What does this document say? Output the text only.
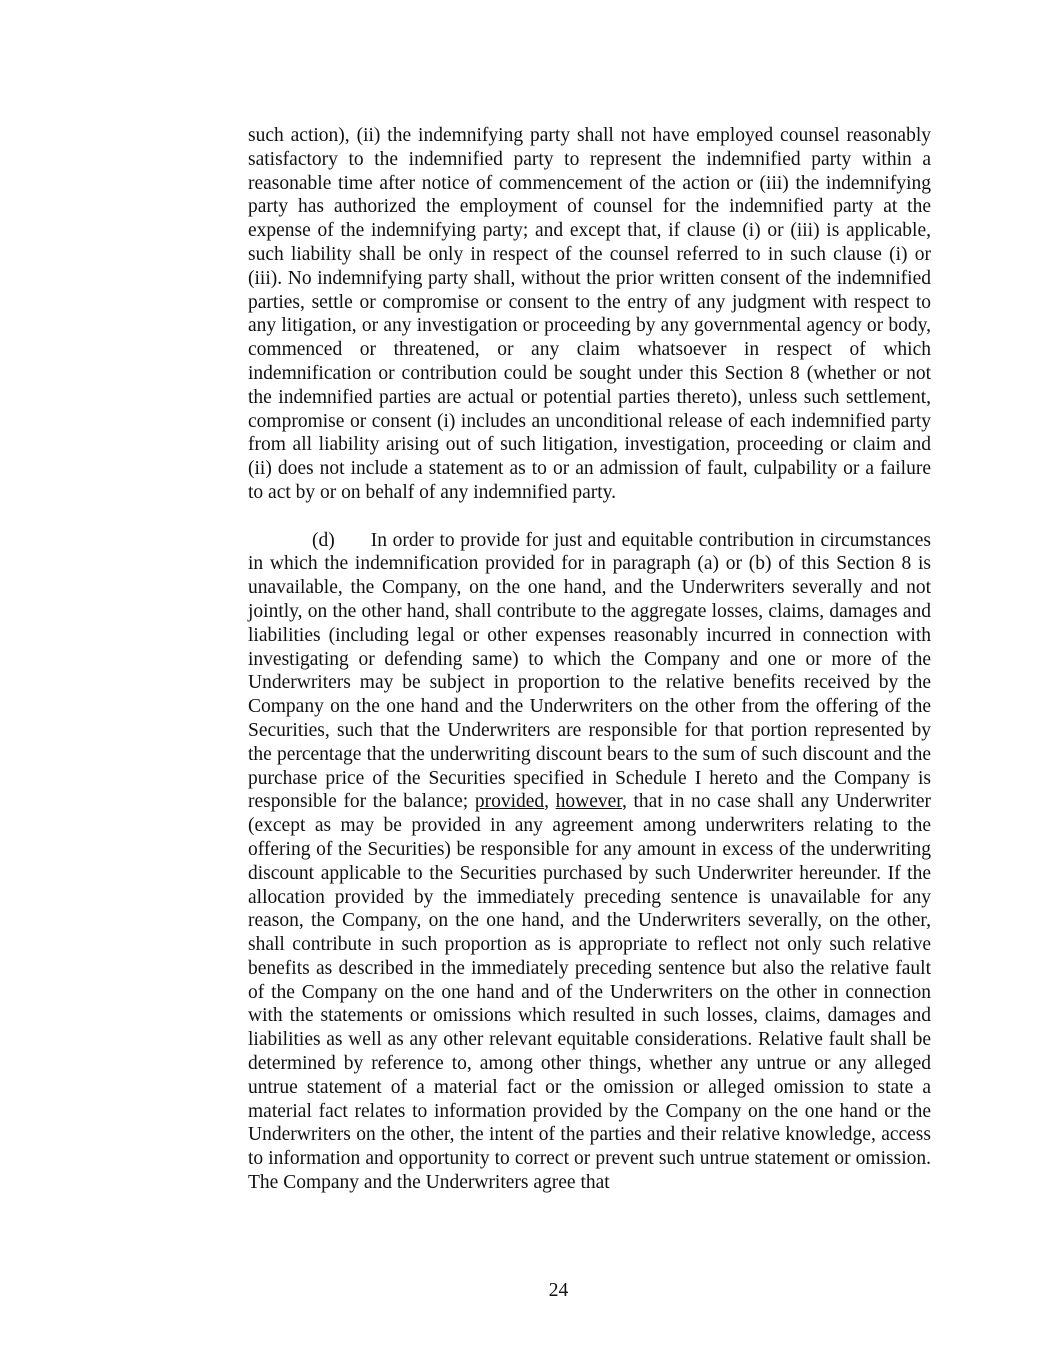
such action), (ii) the indemnifying party shall not have employed counsel reasonably satisfactory to the indemnified party to represent the indemnified party within a reasonable time after notice of commencement of the action or (iii) the indemnifying party has authorized the employment of counsel for the indemnified party at the expense of the indemnifying party; and except that, if clause (i) or (iii) is applicable, such liability shall be only in respect of the counsel referred to in such clause (i) or (iii). No indemnifying party shall, without the prior written consent of the indemnified parties, settle or compromise or consent to the entry of any judgment with respect to any litigation, or any investigation or proceeding by any governmental agency or body, commenced or threatened, or any claim whatsoever in respect of which indemnification or contribution could be sought under this Section 8 (whether or not the indemnified parties are actual or potential parties thereto), unless such settlement, compromise or consent (i) includes an unconditional release of each indemnified party from all liability arising out of such litigation, investigation, proceeding or claim and (ii) does not include a statement as to or an admission of fault, culpability or a failure to act by or on behalf of any indemnified party.

(d) In order to provide for just and equitable contribution in circumstances in which the indemnification provided for in paragraph (a) or (b) of this Section 8 is unavailable, the Company, on the one hand, and the Underwriters severally and not jointly, on the other hand, shall contribute to the aggregate losses, claims, damages and liabilities (including legal or other expenses reasonably incurred in connection with investigating or defending same) to which the Company and one or more of the Underwriters may be subject in proportion to the relative benefits received by the Company on the one hand and the Underwriters on the other from the offering of the Securities, such that the Underwriters are responsible for that portion represented by the percentage that the underwriting discount bears to the sum of such discount and the purchase price of the Securities specified in Schedule I hereto and the Company is responsible for the balance; provided, however, that in no case shall any Underwriter (except as may be provided in any agreement among underwriters relating to the offering of the Securities) be responsible for any amount in excess of the underwriting discount applicable to the Securities purchased by such Underwriter hereunder. If the allocation provided by the immediately preceding sentence is unavailable for any reason, the Company, on the one hand, and the Underwriters severally, on the other, shall contribute in such proportion as is appropriate to reflect not only such relative benefits as described in the immediately preceding sentence but also the relative fault of the Company on the one hand and of the Underwriters on the other in connection with the statements or omissions which resulted in such losses, claims, damages and liabilities as well as any other relevant equitable considerations. Relative fault shall be determined by reference to, among other things, whether any untrue or any alleged untrue statement of a material fact or the omission or alleged omission to state a material fact relates to information provided by the Company on the one hand or the Underwriters on the other, the intent of the parties and their relative knowledge, access to information and opportunity to correct or prevent such untrue statement or omission. The Company and the Underwriters agree that

24
